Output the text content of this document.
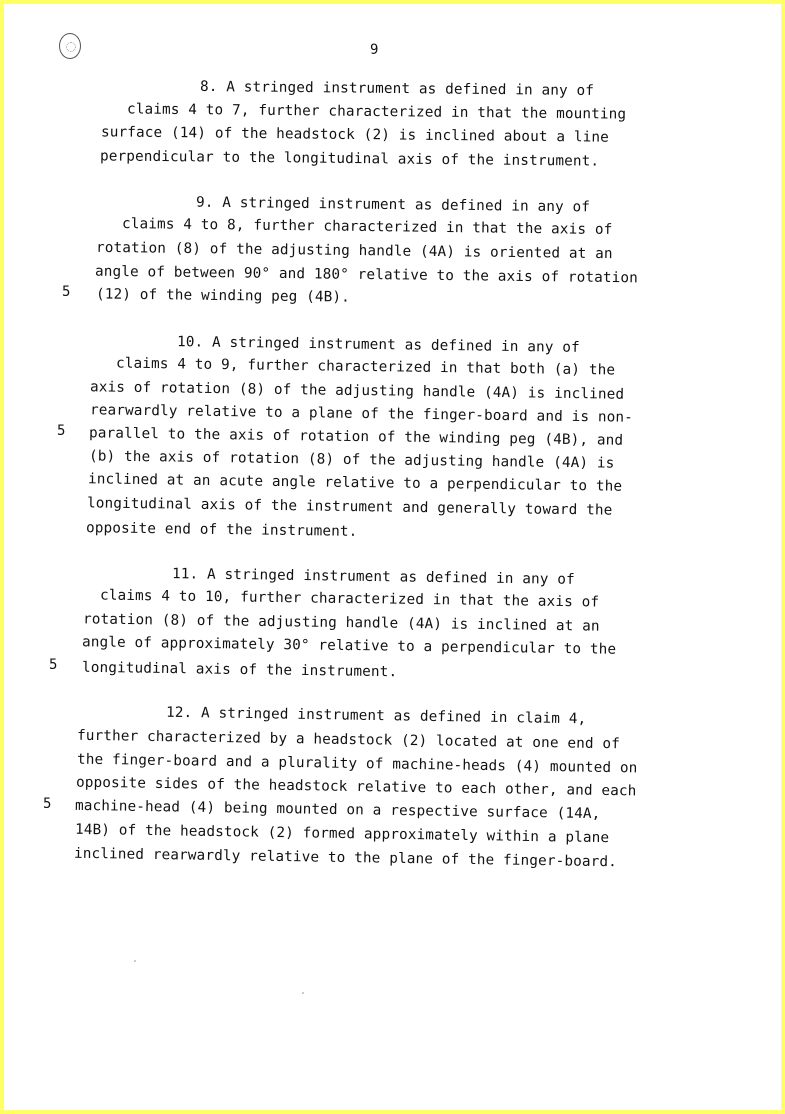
9
8. A stringed instrument as defined in any of
claims 4 to 7, further characterized in that the mounting
surface (14) of the headstock (2) is inclined about a line
perpendicular to the longitudinal axis of the instrument.
9. A stringed instrument as defined in any of
claims 4 to 8, further characterized in that the axis of
rotation (8) of the adjusting handle (4A) is oriented at an
angle of between 90° and 180° relative to the axis of rotation
5 (12) of the winding peg (4B).
10. A stringed instrument as defined in any of
claims 4 to 9, further characterized in that both (a) the
axis of rotation (8) of the adjusting handle (4A) is inclined
rearwardly relative to a plane of the finger-board and is non-
5 parallel to the axis of rotation of the winding peg (4B), and
(b) the axis of rotation (8) of the adjusting handle (4A) is
inclined at an acute angle relative to a perpendicular to the
longitudinal axis of the instrument and generally toward the
opposite end of the instrument.
11. A stringed instrument as defined in any of
claims 4 to 10, further characterized in that the axis of
rotation (8) of the adjusting handle (4A) is inclined at an
angle of approximately 30° relative to a perpendicular to the
5 longitudinal axis of the instrument.
12. A stringed instrument as defined in claim 4,
further characterized by a headstock (2) located at one end of
the finger-board and a plurality of machine-heads (4) mounted on
opposite sides of the headstock relative to each other, and each
5 machine-head (4) being mounted on a respective surface (14A,
14B) of the headstock (2) formed approximately within a plane
inclined rearwardly relative to the plane of the finger-board.
